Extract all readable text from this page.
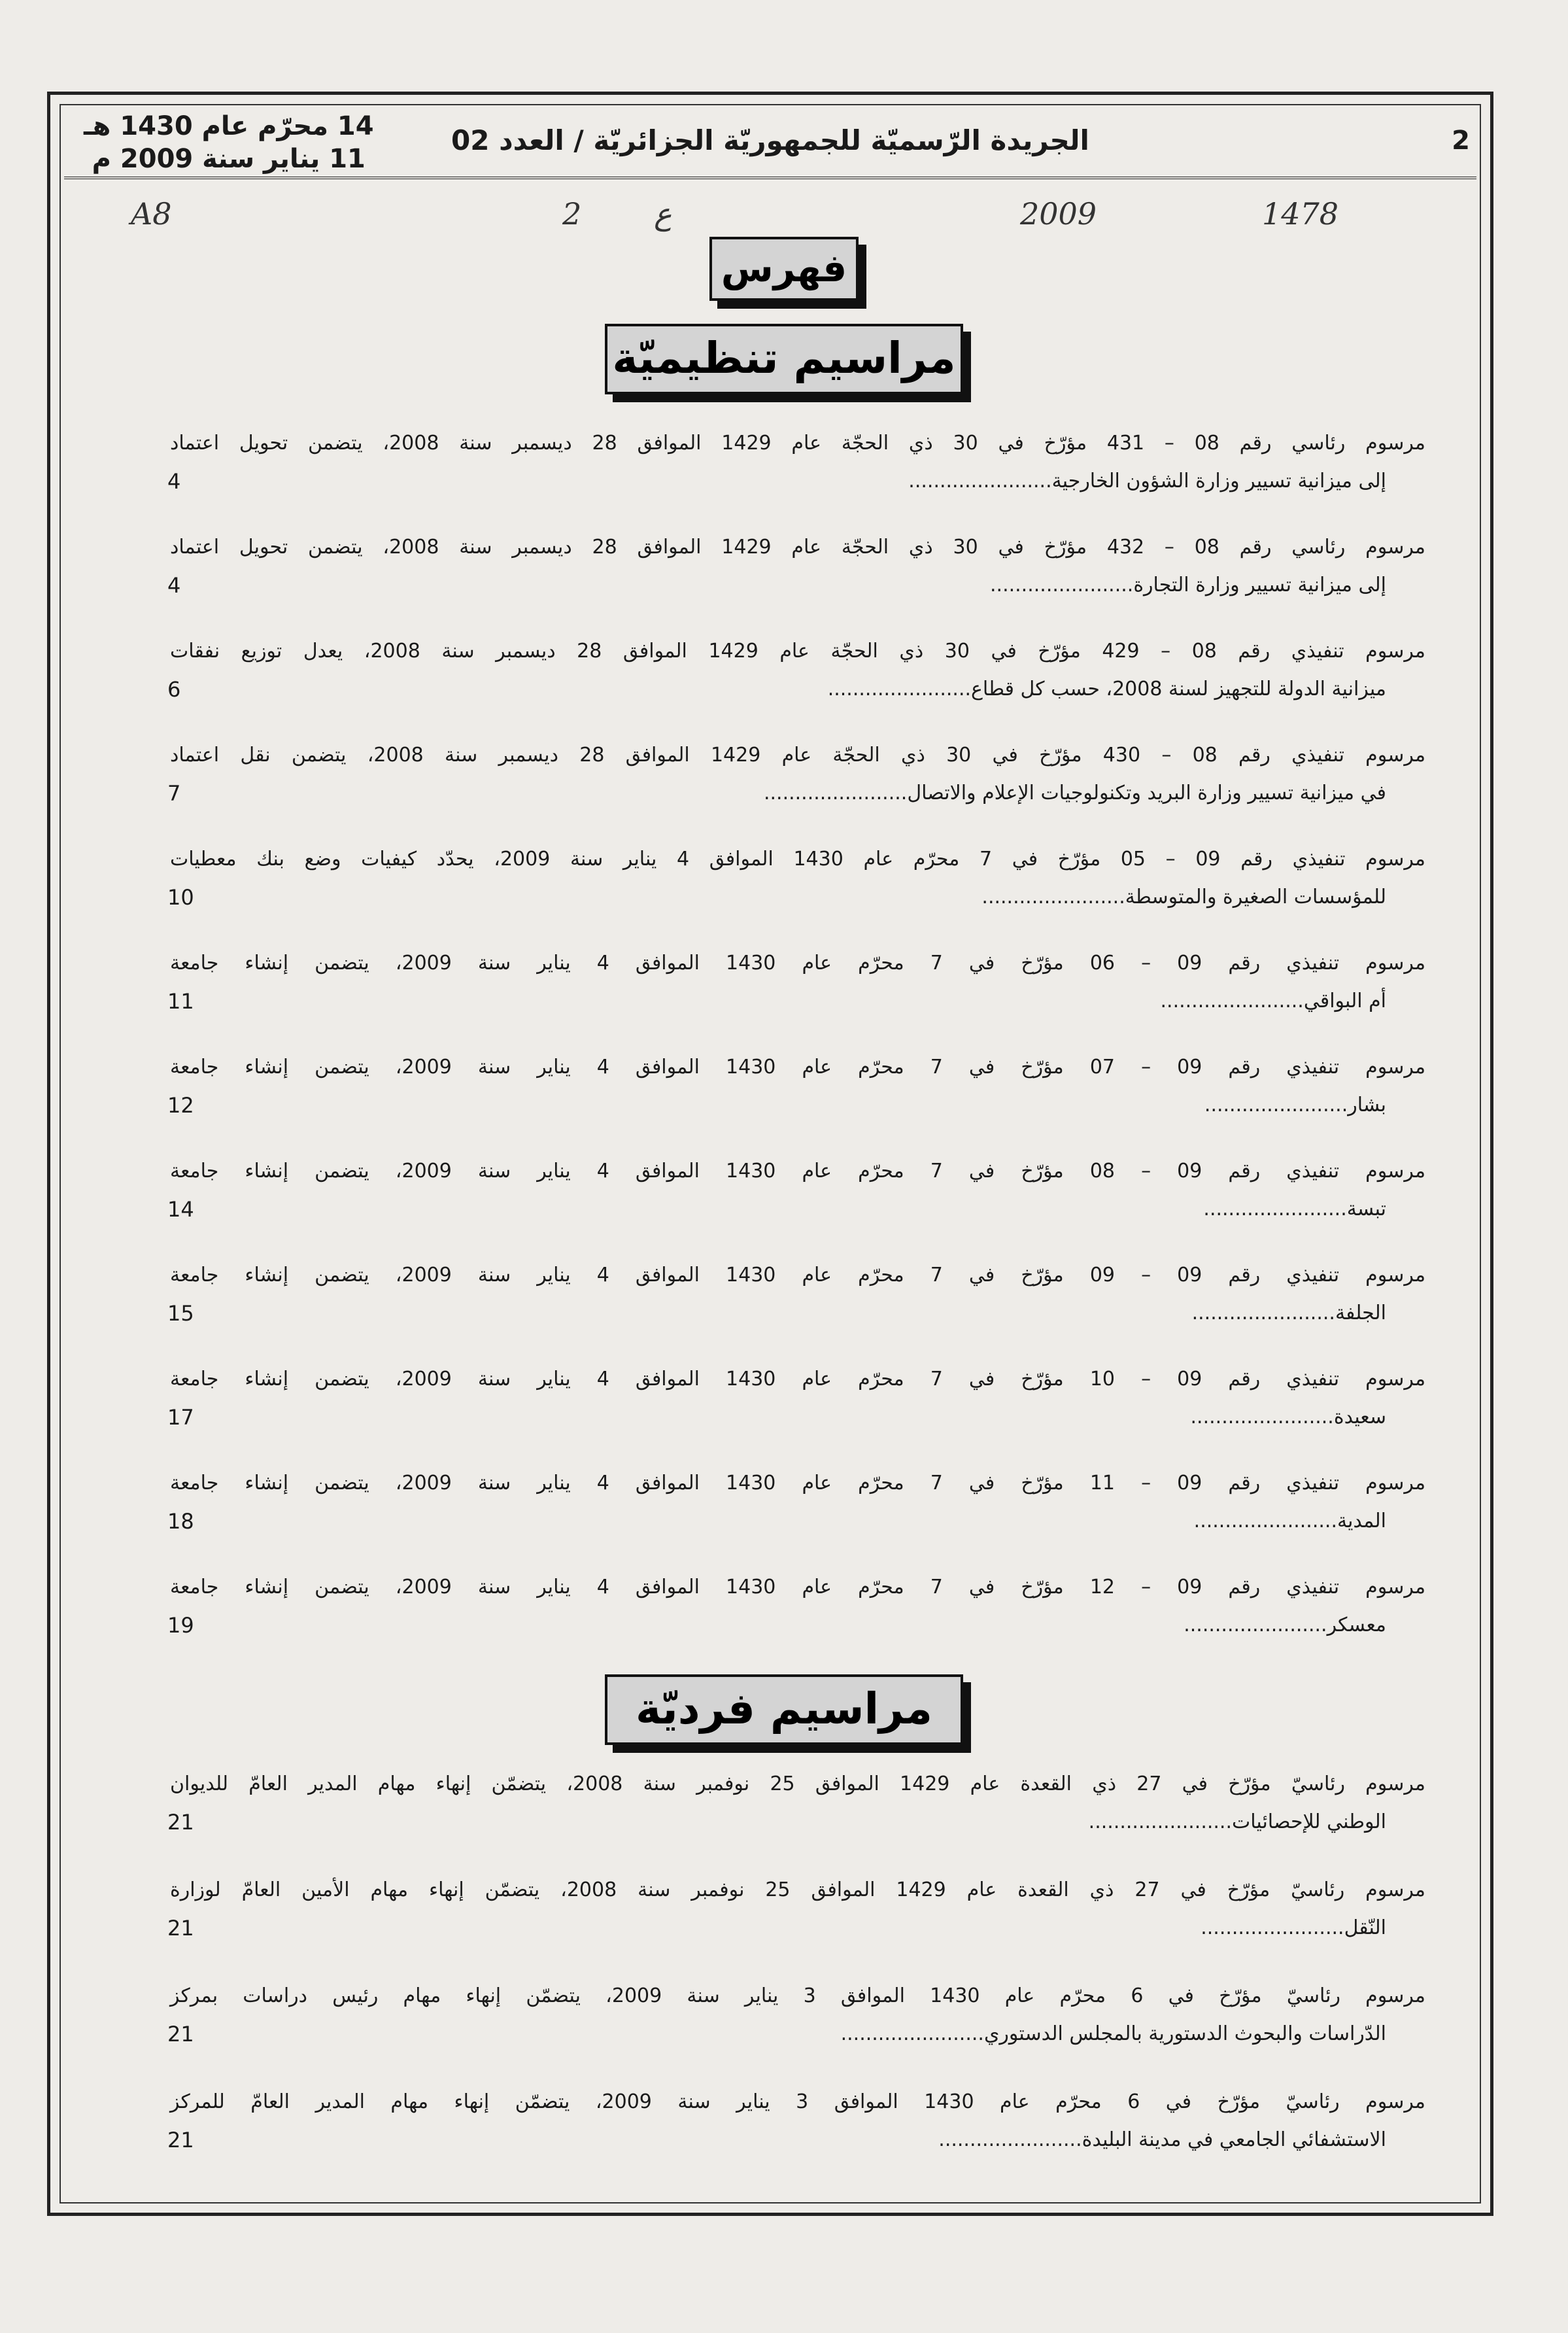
2
الجريدة الرّسميّة للجمهوريّة الجزائريّة / العدد 02
14 محرّم عام 1430 هـ
11 يناير سنة 2009 م
A8	2 ع	2009	1478
فهرس
مراسيم تنظيميّة
مرسوم رئاسي رقم 08 – 431 مؤرّخ في 30 ذي الحجّة عام 1429 الموافق 28 ديسمبر سنة 2008، يتضمن تحويل اعتماد
إلى ميزانية تسيير وزارة الشؤون الخارجية.......................
4
مرسوم رئاسي رقم 08 – 432 مؤرّخ في 30 ذي الحجّة عام 1429 الموافق 28 ديسمبر سنة 2008، يتضمن تحويل اعتماد
إلى ميزانية تسيير وزارة التجارة.......................
4
مرسوم تنفيذي رقم 08 – 429 مؤرّخ في 30 ذي الحجّة عام 1429 الموافق 28 ديسمبر سنة 2008، يعدل توزيع نفقات
ميزانية الدولة للتجهيز لسنة 2008، حسب كل قطاع.......................
6
مرسوم تنفيذي رقم 08 – 430 مؤرّخ في 30 ذي الحجّة عام 1429 الموافق 28 ديسمبر سنة 2008، يتضمن نقل اعتماد
في ميزانية تسيير وزارة البريد وتكنولوجيات الإعلام والاتصال.......................
7
مرسوم تنفيذي رقم 09 – 05 مؤرّخ في 7 محرّم عام 1430 الموافق 4 يناير سنة 2009، يحدّد كيفيات وضع بنك معطيات
للمؤسسات الصغيرة والمتوسطة.......................
10
مرسوم تنفيذي رقم 09 – 06 مؤرّخ في 7 محرّم عام 1430 الموافق 4 يناير سنة 2009، يتضمن إنشاء جامعة
أم البواقي.......................
11
مرسوم تنفيذي رقم 09 – 07 مؤرّخ في 7 محرّم عام 1430 الموافق 4 يناير سنة 2009، يتضمن إنشاء جامعة
بشار.......................
12
مرسوم تنفيذي رقم 09 – 08 مؤرّخ في 7 محرّم عام 1430 الموافق 4 يناير سنة 2009، يتضمن إنشاء جامعة
تبسة.......................
14
مرسوم تنفيذي رقم 09 – 09 مؤرّخ في 7 محرّم عام 1430 الموافق 4 يناير سنة 2009، يتضمن إنشاء جامعة
الجلفة.......................
15
مرسوم تنفيذي رقم 09 – 10 مؤرّخ في 7 محرّم عام 1430 الموافق 4 يناير سنة 2009، يتضمن إنشاء جامعة
سعيدة.......................
17
مرسوم تنفيذي رقم 09 – 11 مؤرّخ في 7 محرّم عام 1430 الموافق 4 يناير سنة 2009، يتضمن إنشاء جامعة
المدية.......................
18
مرسوم تنفيذي رقم 09 – 12 مؤرّخ في 7 محرّم عام 1430 الموافق 4 يناير سنة 2009، يتضمن إنشاء جامعة
معسكر.......................
19
مراسيم فرديّة
مرسوم رئاسيّ مؤرّخ في 27 ذي القعدة عام 1429 الموافق 25 نوفمبر سنة 2008، يتضمّن إنهاء مهام المدير العامّ للديوان
الوطني للإحصائيات.......................
21
مرسوم رئاسيّ مؤرّخ في 27 ذي القعدة عام 1429 الموافق 25 نوفمبر سنة 2008، يتضمّن إنهاء مهام الأمين العامّ لوزارة
النّقل.......................
21
مرسوم رئاسيّ مؤرّخ في 6 محرّم عام 1430 الموافق 3 يناير سنة 2009، يتضمّن إنهاء مهام رئيس دراسات بمركز
الدّراسات والبحوث الدستورية بالمجلس الدستوري.......................
21
مرسوم رئاسيّ مؤرّخ في 6 محرّم عام 1430 الموافق 3 يناير سنة 2009، يتضمّن إنهاء مهام المدير العامّ للمركز
الاستشفائي الجامعي في مدينة البليدة.......................
21
